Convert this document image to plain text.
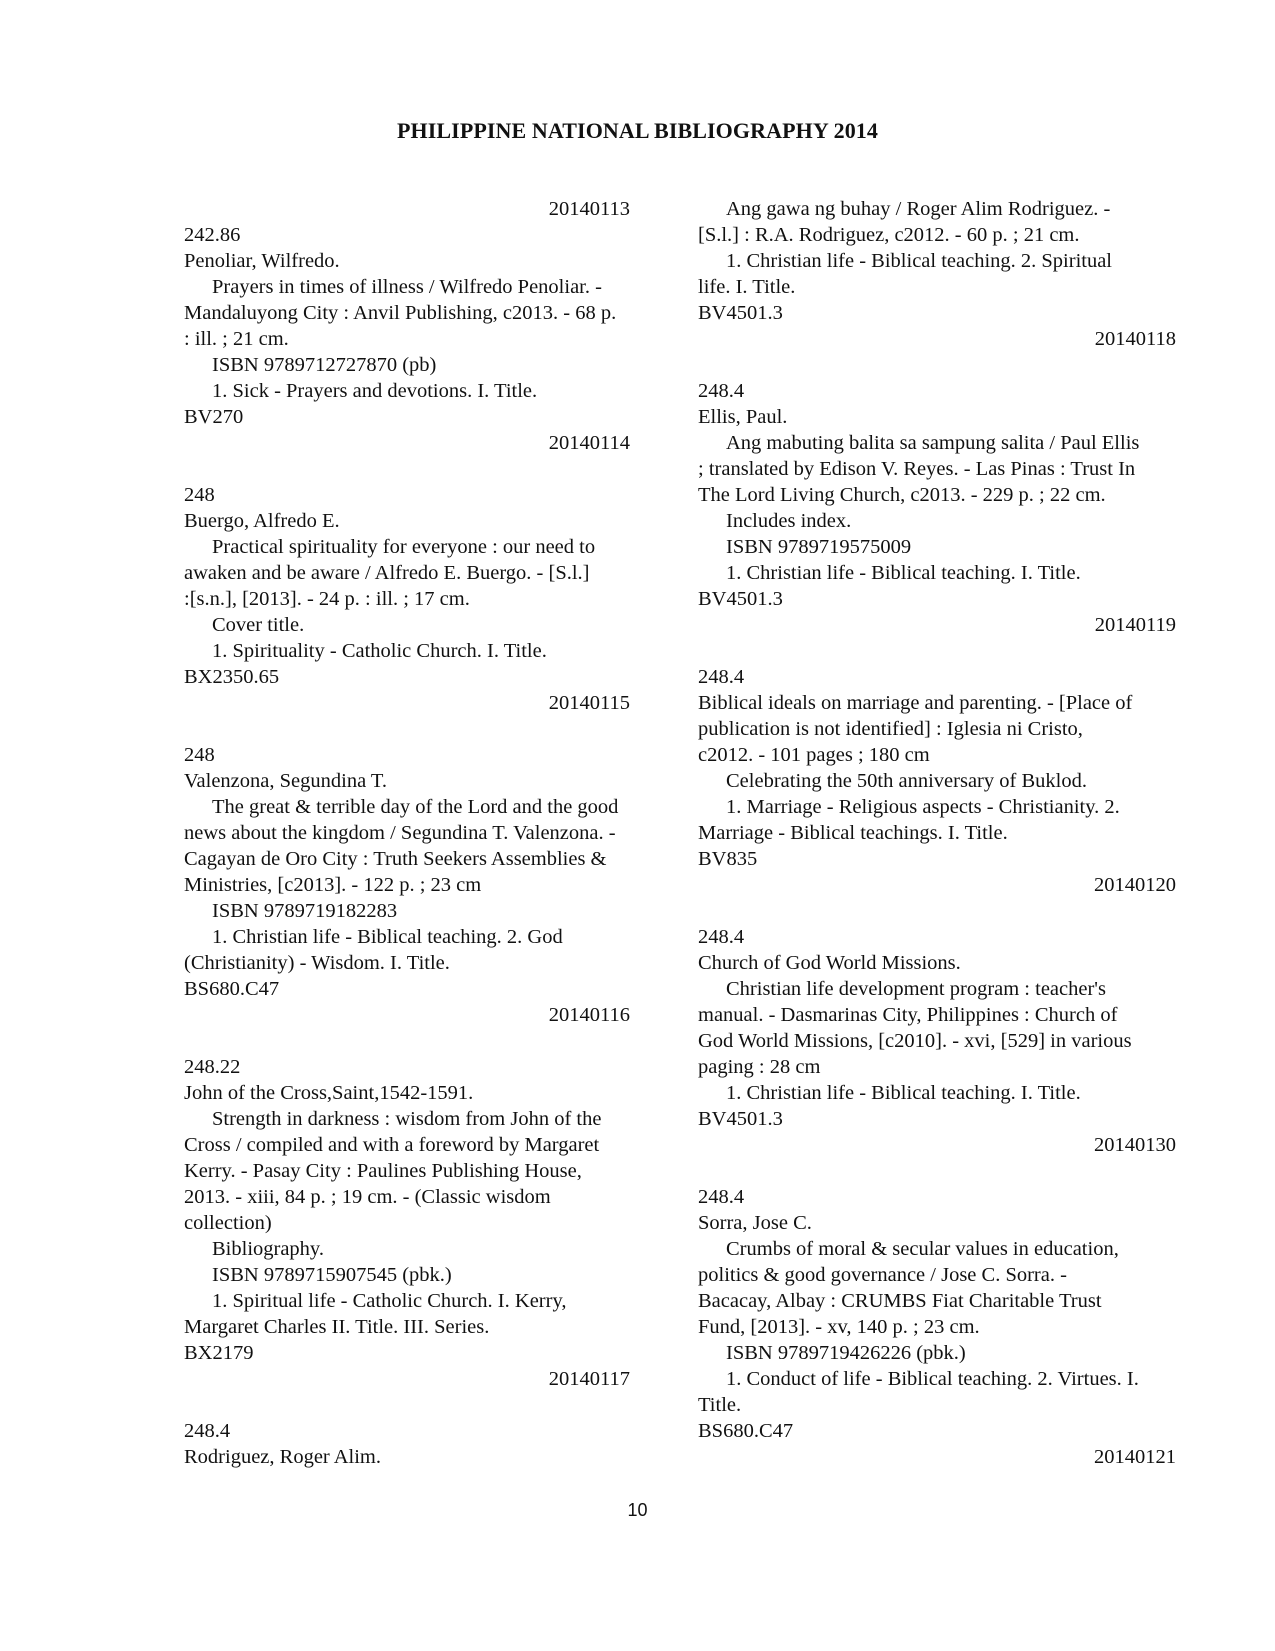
PHILIPPINE NATIONAL BIBLIOGRAPHY 2014
20140113
242.86
Penoliar, Wilfredo.
Prayers in times of illness / Wilfredo Penoliar. -
Mandaluyong City : Anvil Publishing, c2013. - 68 p.
: ill. ; 21 cm.
ISBN 9789712727870 (pb)
1. Sick - Prayers and devotions. I. Title.
BV270
20140114
248
Buergo, Alfredo E.
Practical spirituality for everyone : our need to
awaken and be aware / Alfredo E. Buergo. - [S.l.]
:[s.n.], [2013]. - 24 p. : ill. ; 17 cm.
Cover title.
1. Spirituality - Catholic Church. I. Title.
BX2350.65
20140115
248
Valenzona, Segundina T.
The great & terrible day of the Lord and the good
news about the kingdom / Segundina T. Valenzona. -
Cagayan de Oro City : Truth Seekers Assemblies &
Ministries, [c2013]. - 122 p. ; 23 cm
ISBN 9789719182283
1. Christian life - Biblical teaching. 2. God
(Christianity) - Wisdom. I. Title.
BS680.C47
20140116
248.22
John of the Cross,Saint,1542-1591.
Strength in darkness : wisdom from John of the
Cross / compiled and with a foreword by Margaret
Kerry. - Pasay City : Paulines Publishing House,
2013. - xiii, 84 p. ; 19 cm. - (Classic wisdom
collection)
Bibliography.
ISBN 9789715907545 (pbk.)
1. Spiritual life - Catholic Church. I. Kerry,
Margaret Charles II. Title. III. Series.
BX2179
20140117
248.4
Rodriguez, Roger Alim.
Ang gawa ng buhay / Roger Alim Rodriguez. -
[S.l.] : R.A. Rodriguez, c2012. - 60 p. ; 21 cm.
1. Christian life - Biblical teaching. 2. Spiritual
life. I. Title.
BV4501.3
20140118
248.4
Ellis, Paul.
Ang mabuting balita sa sampung salita / Paul Ellis
; translated by Edison V. Reyes. - Las Pinas : Trust In
The Lord Living Church, c2013. - 229 p. ; 22 cm.
Includes index.
ISBN 9789719575009
1. Christian life - Biblical teaching. I. Title.
BV4501.3
20140119
248.4
Biblical ideals on marriage and parenting. - [Place of
publication is not identified] : Iglesia ni Cristo,
c2012. - 101 pages ; 180 cm
Celebrating the 50th anniversary of Buklod.
1. Marriage - Religious aspects - Christianity. 2.
Marriage - Biblical teachings. I. Title.
BV835
20140120
248.4
Church of God World Missions.
Christian life development program : teacher's
manual. - Dasmarinas City, Philippines : Church of
God World Missions, [c2010]. - xvi, [529] in various
paging : 28 cm
1. Christian life - Biblical teaching. I. Title.
BV4501.3
20140130
248.4
Sorra, Jose C.
Crumbs of moral & secular values in education,
politics & good governance / Jose C. Sorra. -
Bacacay, Albay : CRUMBS Fiat Charitable Trust
Fund, [2013]. - xv, 140 p. ; 23 cm.
ISBN 9789719426226 (pbk.)
1. Conduct of life - Biblical teaching. 2. Virtues. I.
Title.
BS680.C47
20140121
10
